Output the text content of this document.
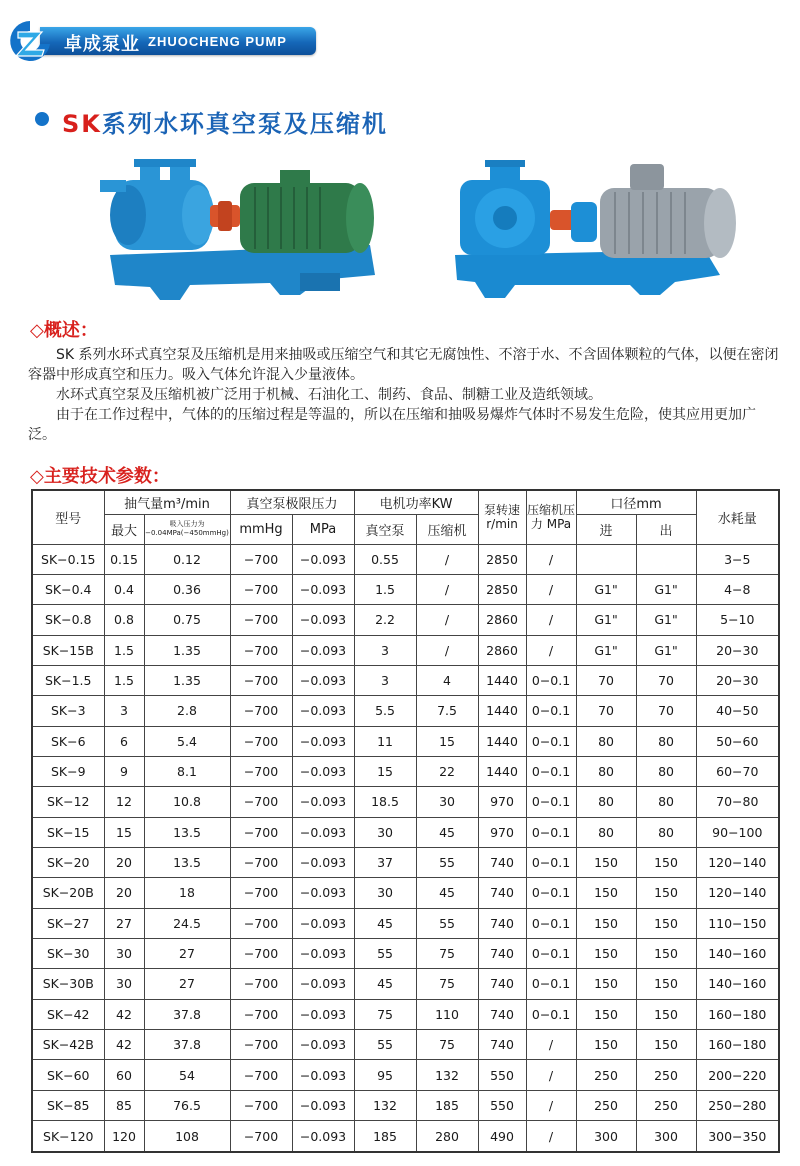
卓成泵业 ZHUOCHENG PUMP
SK系列水环真空泵及压缩机
◇概述：

SK 系列水环式真空泵及压缩机是用来抽吸或压缩空气和其它无腐蚀性、不溶于水、不含固体颗粒的气体，以便在密闭容器中形成真空和压力。吸入气体允许混入少量液体。

水环式真空泵及压缩机被广泛用于机械、石油化工、制药、食品、制糖工业及造纸领域。

由于在工作过程中，气体的的压缩过程是等温的，所以在压缩和抽吸易爆炸气体时不易发生危险，使其应用更加广泛。

◇主要技术参数：
型号	抽气量m³/min		真空泵极限压力		电机功率KW		泵转速 r/min	压缩机压力 MPa	口径mm		水耗量
	最大	吸入压力为 −0.04MPa(−450mmHg)	mmHg	MPa	真空泵	压缩机			进	出	
SK−0.15	0.15	0.12	−700	−0.093	0.55	/	2850	/			3−5
SK−0.4	0.4	0.36	−700	−0.093	1.5	/	2850	/	G1"	G1"	4−8
SK−0.8	0.8	0.75	−700	−0.093	2.2	/	2860	/	G1"	G1"	5−10
SK−15B	1.5	1.35	−700	−0.093	3	/	2860	/	G1"	G1"	20−30
SK−1.5	1.5	1.35	−700	−0.093	3	4	1440	0−0.1	70	70	20−30
SK−3	3	2.8	−700	−0.093	5.5	7.5	1440	0−0.1	70	70	40−50
SK−6	6	5.4	−700	−0.093	11	15	1440	0−0.1	80	80	50−60
SK−9	9	8.1	−700	−0.093	15	22	1440	0−0.1	80	80	60−70
SK−12	12	10.8	−700	−0.093	18.5	30	970	0−0.1	80	80	70−80
SK−15	15	13.5	−700	−0.093	30	45	970	0−0.1	80	80	90−100
SK−20	20	13.5	−700	−0.093	37	55	740	0−0.1	150	150	120−140
SK−20B	20	18	−700	−0.093	30	45	740	0−0.1	150	150	120−140
SK−27	27	24.5	−700	−0.093	45	55	740	0−0.1	150	150	110−150
SK−30	30	27	−700	−0.093	55	75	740	0−0.1	150	150	140−160
SK−30B	30	27	−700	−0.093	45	75	740	0−0.1	150	150	140−160
SK−42	42	37.8	−700	−0.093	75	110	740	0−0.1	150	150	160−180
SK−42B	42	37.8	−700	−0.093	55	75	740	/	150	150	160−180
SK−60	60	54	−700	−0.093	95	132	550	/	250	250	200−220
SK−85	85	76.5	−700	−0.093	132	185	550	/	250	250	250−280
SK−120	120	108	−700	−0.093	185	280	490	/	300	300	300−350
